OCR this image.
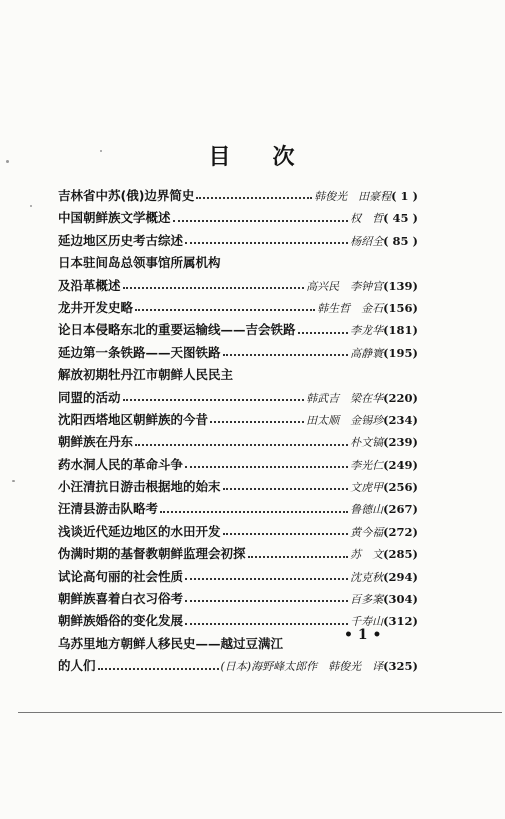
目 次
吉林省中苏(俄)边界简史	韩俊光　田豪程 ( 1 )
中国朝鲜族文学概述	权　哲 ( 45 )
延边地区历史考古综述	杨绍全 ( 85 )
日本驻间岛总领事馆所属机构
及沿革概述	高兴民　李钟官 (139)
龙井开发史略	韩生哲　金石 (156)
论日本侵略东北的重要运输线——吉会铁路	李龙华 (181)
延边第一条铁路——天图铁路	高静寰 (195)
解放初期牡丹江市朝鲜人民民主
同盟的活动	韩武吉　梁在华 (220)
沈阳西塔地区朝鲜族的今昔	田太顺　金锡珍 (234)
朝鲜族在丹东	朴文镐 (239)
药水洞人民的革命斗争	李光仁 (249)
小汪清抗日游击根据地的始末	文虎甲 (256)
汪清县游击队略考	鲁德山 (267)
浅谈近代延边地区的水田开发	黄今福 (272)
伪满时期的基督教朝鲜监理会初探	苏　文 (285)
试论高句丽的社会性质	沈克秋 (294)
朝鲜族喜着白衣习俗考	百多案 (304)
朝鲜族婚俗的变化发展	千寿山 (312)
乌苏里地方朝鲜人移民史——越过豆满江
的人们	(日本)海野峰太郎作　韩俊光　译 (325)
• 1 •
